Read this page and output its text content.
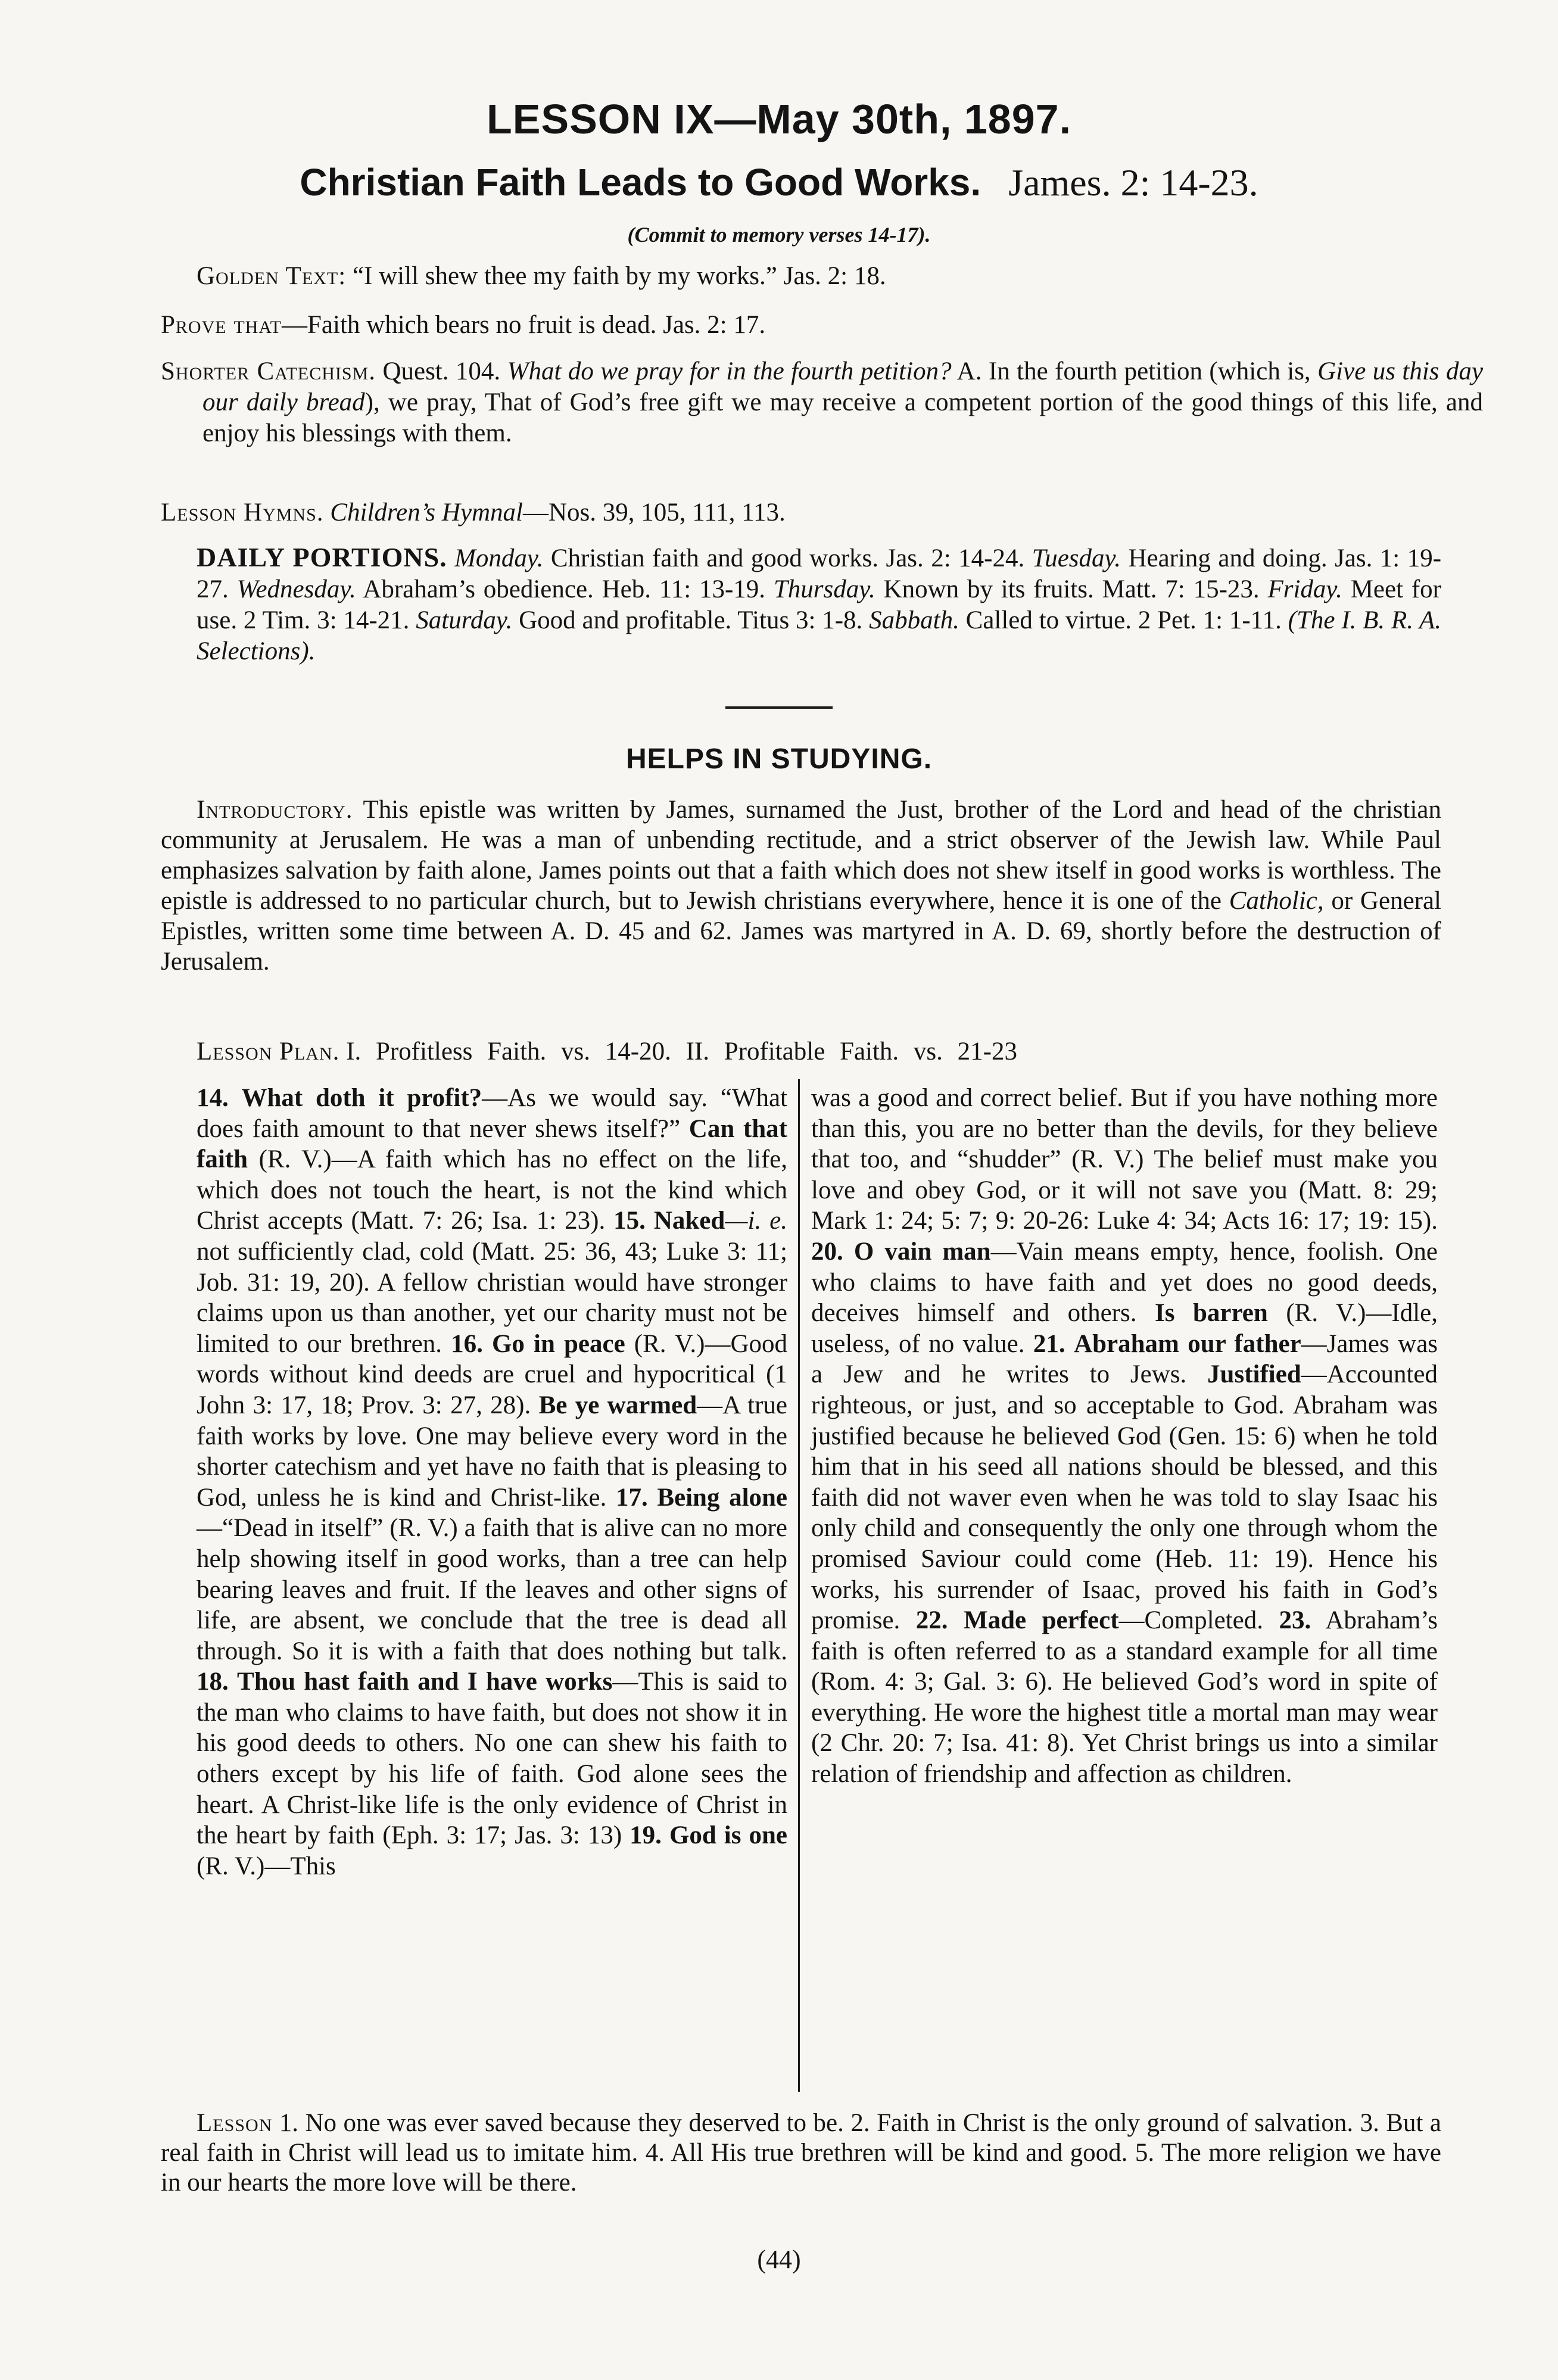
LESSON IX—May 30th, 1897.
Christian Faith Leads to Good Works. James. 2: 14-23.
(Commit to memory verses 14-17).
Golden Text: “I will shew thee my faith by my works.” Jas. 2: 18.
Prove that—Faith which bears no fruit is dead. Jas. 2: 17.
Shorter Catechism. Quest. 104. What do we pray for in the fourth petition? A. In the fourth petition (which is, Give us this day our daily bread), we pray, That of God’s free gift we may receive a competent portion of the good things of this life, and enjoy his blessings with them.
Lesson Hymns. Children’s Hymnal—Nos. 39, 105, 111, 113.
DAILY PORTIONS. Monday. Christian faith and good works. Jas. 2: 14-24. Tuesday. Hearing and doing. Jas. 1: 19-27. Wednesday. Abraham’s obedience. Heb. 11: 13-19. Thursday. Known by its fruits. Matt. 7: 15-23. Friday. Meet for use. 2 Tim. 3: 14-21. Saturday. Good and profitable. Titus 3: 1-8. Sabbath. Called to virtue. 2 Pet. 1: 1-11. (The I. B. R. A. Selections).
HELPS IN STUDYING.
Introductory. This epistle was written by James, surnamed the Just, brother of the Lord and head of the christian community at Jerusalem. He was a man of unbending rectitude, and a strict observer of the Jewish law. While Paul emphasizes salvation by faith alone, James points out that a faith which does not shew itself in good works is worthless. The epistle is addressed to no particular church, but to Jewish christians everywhere, hence it is one of the Catholic, or General Epistles, written some time between A. D. 45 and 62. James was martyred in A. D. 69, shortly before the destruction of Jerusalem.
Lesson Plan. I. Profitless Faith. vs. 14-20. II. Profitable Faith. vs. 21-23
14. What doth it profit?—As we would say. “What does faith amount to that never shews itself?” Can that faith (R. V.)—A faith which has no effect on the life, which does not touch the heart, is not the kind which Christ accepts (Matt. 7: 26; Isa. 1: 23). 15. Naked—i. e. not sufficiently clad, cold (Matt. 25: 36, 43; Luke 3: 11; Job. 31: 19, 20). A fellow christian would have stronger claims upon us than another, yet our charity must not be limited to our brethren. 16. Go in peace (R. V.)—Good words without kind deeds are cruel and hypocritical (1 John 3: 17, 18; Prov. 3: 27, 28). Be ye warmed—A true faith works by love. One may believe every word in the shorter catechism and yet have no faith that is pleasing to God, unless he is kind and Christ-like. 17. Being alone—“Dead in itself” (R. V.) a faith that is alive can no more help showing itself in good works, than a tree can help bearing leaves and fruit. If the leaves and other signs of life, are absent, we conclude that the tree is dead all through. So it is with a faith that does nothing but talk. 18. Thou hast faith and I have works—This is said to the man who claims to have faith, but does not show it in his good deeds to others. No one can shew his faith to others except by his life of faith. God alone sees the heart. A Christ-like life is the only evidence of Christ in the heart by faith (Eph. 3: 17; Jas. 3: 13) 19. God is one (R. V.)—This
was a good and correct belief. But if you have nothing more than this, you are no better than the devils, for they believe that too, and “shudder” (R. V.) The belief must make you love and obey God, or it will not save you (Matt. 8: 29; Mark 1: 24; 5: 7; 9: 20-26: Luke 4: 34; Acts 16: 17; 19: 15). 20. O vain man—Vain means empty, hence, foolish. One who claims to have faith and yet does no good deeds, deceives himself and others. Is barren (R. V.)—Idle, useless, of no value. 21. Abraham our father—James was a Jew and he writes to Jews. Justified—Accounted righteous, or just, and so acceptable to God. Abraham was justified because he believed God (Gen. 15: 6) when he told him that in his seed all nations should be blessed, and this faith did not waver even when he was told to slay Isaac his only child and consequently the only one through whom the promised Saviour could come (Heb. 11: 19). Hence his works, his surrender of Isaac, proved his faith in God’s promise. 22. Made perfect—Completed. 23. Abraham’s faith is often referred to as a standard example for all time (Rom. 4: 3; Gal. 3: 6). He believed God’s word in spite of everything. He wore the highest title a mortal man may wear (2 Chr. 20: 7; Isa. 41: 8). Yet Christ brings us into a similar relation of friendship and affection as children.
Lesson 1. No one was ever saved because they deserved to be. 2. Faith in Christ is the only ground of salvation. 3. But a real faith in Christ will lead us to imitate him. 4. All His true brethren will be kind and good. 5. The more religion we have in our hearts the more love will be there.
(44)
